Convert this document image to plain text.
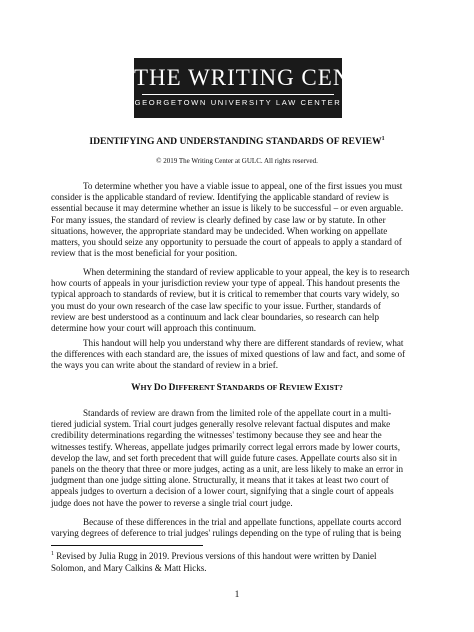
THE WRITING CENTER
GEORGETOWN UNIVERSITY LAW CENTER
IDENTIFYING AND UNDERSTANDING STANDARDS OF REVIEW$^1$
© 2019 The Writing Center at GULC. All rights reserved.

To determine whether you have a viable issue to appeal, one of the first issues you must
consider is the applicable standard of review. Identifying the applicable standard of review is
essential because it may determine whether an issue is likely to be successful – or even arguable.
For many issues, the standard of review is clearly defined by case law or by statute. In other
situations, however, the appropriate standard may be undecided. When working on appellate
matters, you should seize any opportunity to persuade the court of appeals to apply a standard of
review that is the most beneficial for your position.

When determining the standard of review applicable to your appeal, the key is to research
how courts of appeals in your jurisdiction review your type of appeal. This handout presents the
typical approach to standards of review, but it is critical to remember that courts vary widely, so
you must do your own research of the case law specific to your issue. Further, standards of
review are best understood as a continuum and lack clear boundaries, so research can help
determine how your court will approach this continuum.

This handout will help you understand why there are different standards of review, what
the differences with each standard are, the issues of mixed questions of law and fact, and some of
the ways you can write about the standard of review in a brief.

WHY DO DIFFERENT STANDARDS OF REVIEW EXIST?

Standards of review are drawn from the limited role of the appellate court in a multi-
tiered judicial system. Trial court judges generally resolve relevant factual disputes and make
credibility determinations regarding the witnesses' testimony because they see and hear the
witnesses testify. Whereas, appellate judges primarily correct legal errors made by lower courts,
develop the law, and set forth precedent that will guide future cases. Appellate courts also sit in
panels on the theory that three or more judges, acting as a unit, are less likely to make an error in
judgment than one judge sitting alone. Structurally, it means that it takes at least two court of
appeals judges to overturn a decision of a lower court, signifying that a single court of appeals
judge does not have the power to reverse a single trial court judge.

Because of these differences in the trial and appellate functions, appellate courts accord
varying degrees of deference to trial judges' rulings depending on the type of ruling that is being

$^1$ Revised by Julia Rugg in 2019. Previous versions of this handout were written by Daniel
Solomon, and Mary Calkins & Matt Hicks.
1
